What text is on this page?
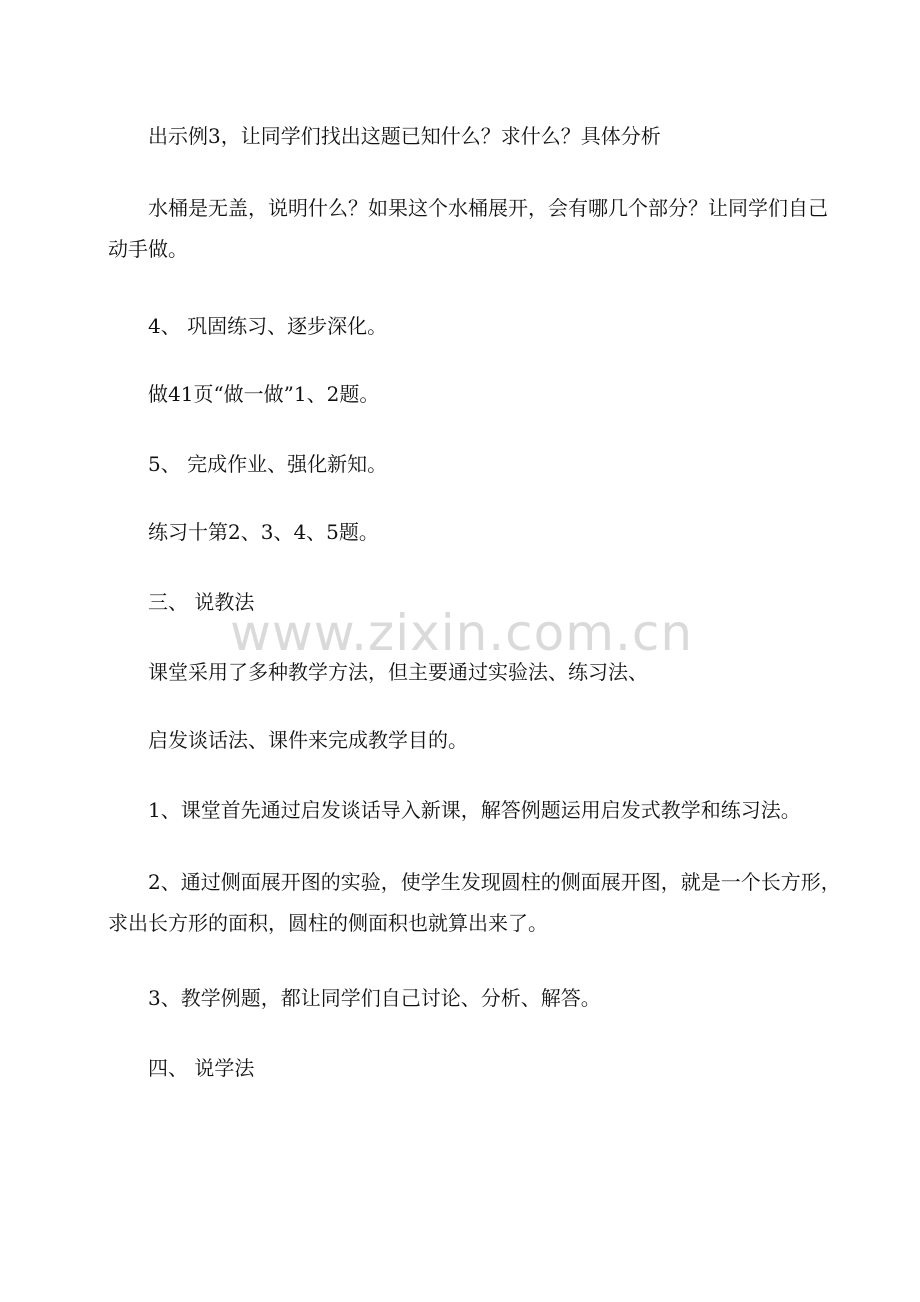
出示例3，让同学们找出这题已知什么？求什么？具体分析

水桶是无盖，说明什么？如果这个水桶展开，会有哪几个部分？让同学们自己动手做。

4、 巩固练习、逐步深化。

做41页“做一做”1、2题。

5、 完成作业、强化新知。

练习十第2、3、4、5题。

三、 说教法

课堂采用了多种教学方法，但主要通过实验法、练习法、

启发谈话法、课件来完成教学目的。

1、课堂首先通过启发谈话导入新课，解答例题运用启发式教学和练习法。

2、通过侧面展开图的实验，使学生发现圆柱的侧面展开图，就是一个长方形，求出长方形的面积，圆柱的侧面积也就算出来了。

3、教学例题，都让同学们自己讨论、分析、解答。

四、 说学法

www.zixin.com.cn
